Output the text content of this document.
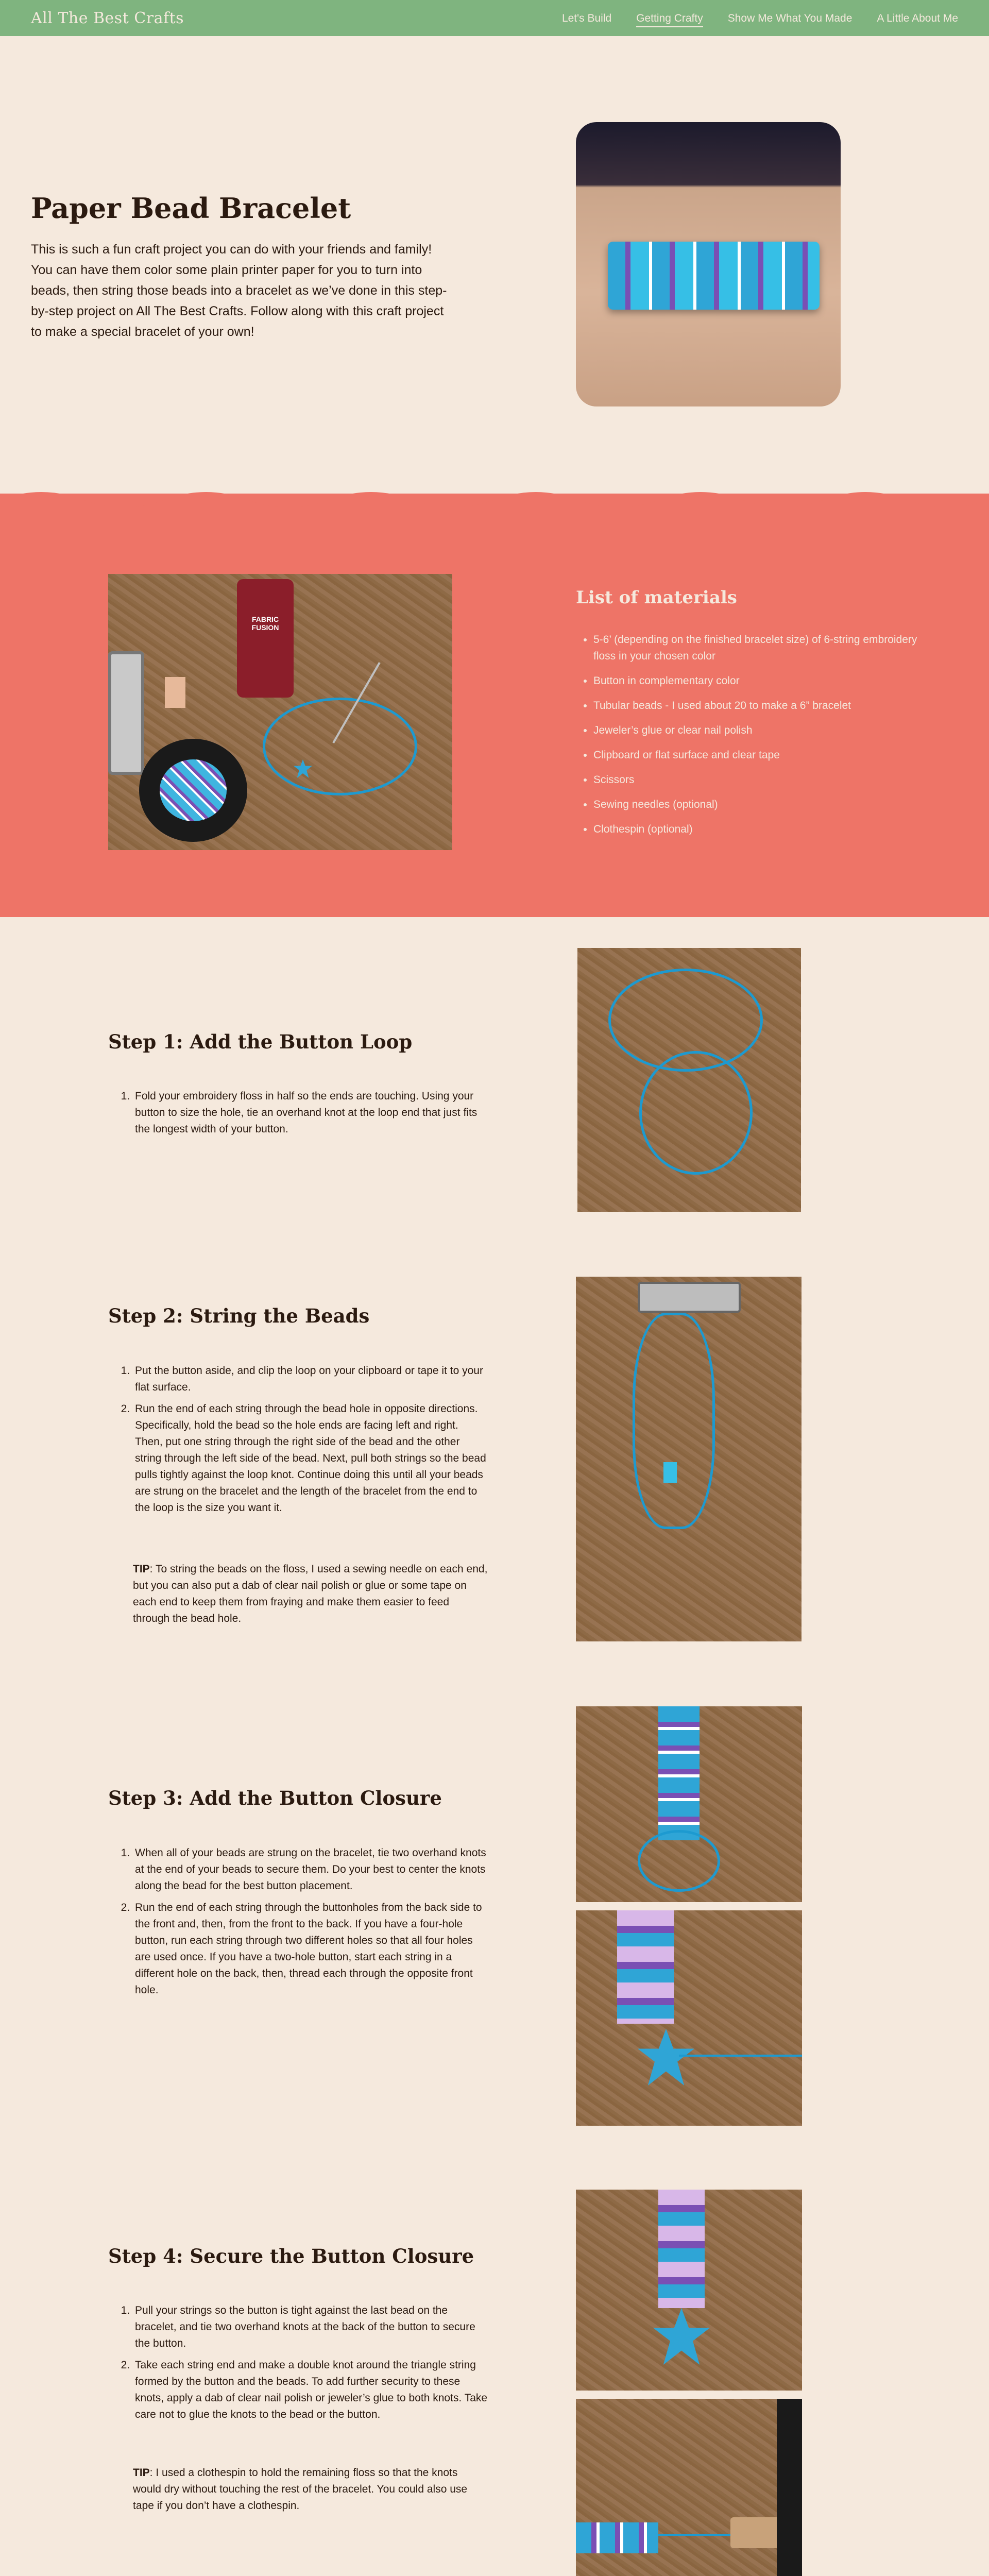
All The Best Crafts	Let's Build Getting Crafty Show Me What You Made A Little About Me
Paper Bead Bracelet

This is such a fun craft project you can do with your friends and family! You can have them color some plain printer paper for you to turn into beads, then string those beads into a bracelet as we’ve done in this step-by-step project on All The Best Crafts. Follow along with this craft project to make a special bracelet of your own!

FABRIC FUSION
List of materials
• 5-6’ (depending on the finished bracelet size) of 6-string embroidery floss in your chosen color
• Button in complementary color
• Tubular beads - I used about 20 to make a 6” bracelet
• Jeweler’s glue or clear nail polish
• Clipboard or flat surface and clear tape
• Scissors
• Sewing needles (optional)
• Clothespin (optional)
Step 1: Add the Button Loop
1. Fold your embroidery floss in half so the ends are touching. Using your button to size the hole, tie an overhand knot at the loop end that just fits the longest width of your button.
Step 2: String the Beads
1. Put the button aside, and clip the loop on your clipboard or tape it to your flat surface.
2. Run the end of each string through the bead hole in opposite directions. Specifically, hold the bead so the hole ends are facing left and right. Then, put one string through the right side of the bead and the other string through the left side of the bead. Next, pull both strings so the bead pulls tightly against the loop knot. Continue doing this until all your beads are strung on the bracelet and the length of the bracelet from the end to the loop is the size you want it.

TIP: To string the beads on the floss, I used a sewing needle on each end, but you can also put a dab of clear nail polish or glue or some tape on each end to keep them from fraying and make them easier to feed through the bead hole.

Step 3: Add the Button Closure
1. When all of your beads are strung on the bracelet, tie two overhand knots at the end of your beads to secure them. Do your best to center the knots along the bead for the best button placement.
2. Run the end of each string through the buttonholes from the back side to the front and, then, from the front to the back. If you have a four-hole button, run each string through two different holes so that all four holes are used once. If you have a two-hole button, start each string in a different hole on the back, then, thread each through the opposite front hole.
Step 4: Secure the Button Closure
1. Pull your strings so the button is tight against the last bead on the bracelet, and tie two overhand knots at the back of the button to secure the button.
2. Take each string end and make a double knot around the triangle string formed by the button and the beads. To add further security to these knots, apply a dab of clear nail polish or jeweler’s glue to both knots. Take care not to glue the knots to the bead or the button.

TIP: I used a clothespin to hold the remaining floss so that the knots would dry without touching the rest of the bracelet. You could also use tape if you don’t have a clothespin.
